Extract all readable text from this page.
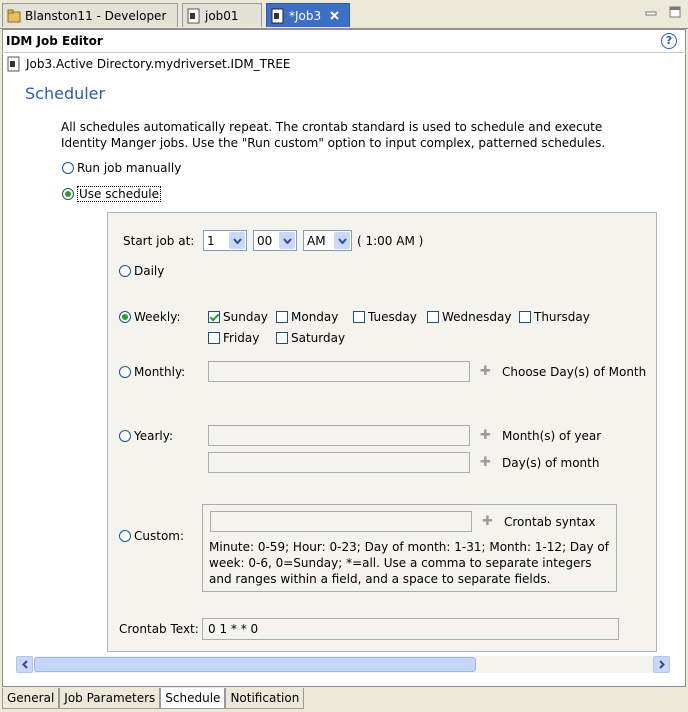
Blanston11 - Developer	job01	*Job3
IDM Job Editor	?
Job3.Active Directory.mydriverset.IDM_TREE
Scheduler
All schedules automatically repeat. The crontab standard is used to schedule and execute Identity Manger jobs. Use the "Run custom" option to input complex, patterned schedules.
Run job manually
Use schedule
Start job at: 1	00	AM	( 1:00 AM )
Daily
Weekly:	Sunday Monday Tuesday Wednesday Thursday
Friday	Saturday
Monthly:	✚ Choose Day(s) of Month
Yearly:	✚ Month(s) of year
✚ Day(s) of month
Custom:
✚ Crontab syntax
Minute: 0-59; Hour: 0-23; Day of month: 1-31; Month: 1-12; Day of week: 0-6, 0=Sunday; *=all. Use a comma to separate integers and ranges within a field, and a space to separate fields.
Crontab Text: 0 1 * * 0
General Job Parameters Schedule Notification
